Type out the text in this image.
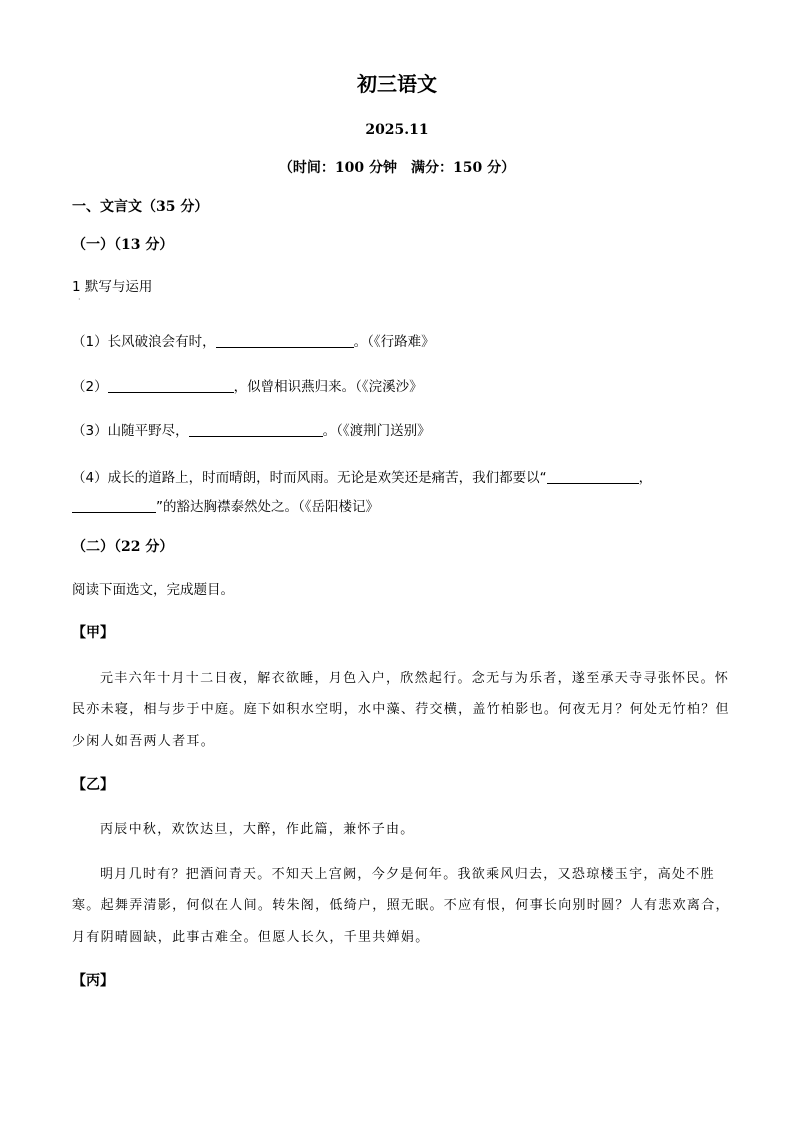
初三语文
2025.11
（时间：100 分钟　满分：150 分）
一、文言文（35 分）
（一）（13 分）
1 默写与运用
·
（1）长风破浪会有时，	。（《行路难》
（2）	，似曾相识燕归来。（《浣溪沙》
（3）山随平野尽，	。（《渡荆门送别》
（4）成长的道路上，时而晴朗，时而风雨。无论是欢笑还是痛苦，我们都要以“	，
”的豁达胸襟泰然处之。（《岳阳楼记》
（二）（22 分）
阅读下面选文，完成题目。
【甲】
元丰六年十月十二日夜，解衣欲睡，月色入户，欣然起行。念无与为乐者，遂至承天寺寻张怀民。怀
民亦未寝，相与步于中庭。庭下如积水空明，水中藻、荇交横，盖竹柏影也。何夜无月？何处无竹柏？但
少闲人如吾两人者耳。
【乙】
丙辰中秋，欢饮达旦，大醉，作此篇，兼怀子由。
明月几时有？把酒问青天。不知天上宫阙，今夕是何年。我欲乘风归去，又恐琼楼玉宇，高处不胜
寒。起舞弄清影，何似在人间。转朱阁，低绮户，照无眠。不应有恨，何事长向别时圆？人有悲欢离合，
月有阴晴圆缺，此事古难全。但愿人长久，千里共婵娟。
【丙】
